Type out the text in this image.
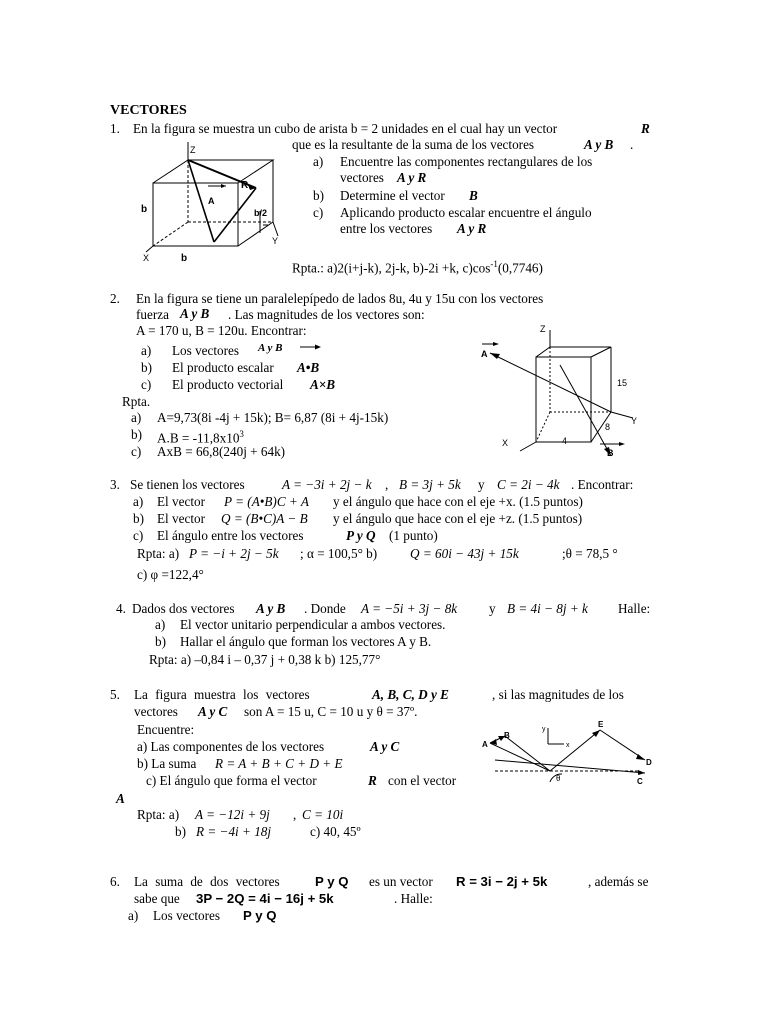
VECTORES
1. En la figura se muestra un cubo de arista b = 2 unidades en el cual hay un vector	R
que es la resultante de la suma de los vectores	A y B .
a) Encuentre las componentes rectangulares de los
vectores A y R
b) Determine el vector B
c) Aplicando producto escalar encuentre el ángulo
entre los vectores A y R
Rpta.: a)2(i+j-k), 2j-k, b)-2i +k, $c)\cos^{-1}(0,7746)$
Z
Y
X
R
A
b
b
b/2
2. En la figura se tiene un paralelepípedo de lados 8u, 4u y 15u con los vectores
fuerza A y B . Las magnitudes de los vectores son:
A = 170 u, B = 120u. Encontrar:
a) Los vectores A y B
b) El producto escalar A•B
c) El producto vectorial A×B
Rpta.
a) A=9,73(8i -4j + 15k); B= 6,87 (8i + 4j-15k)
b) $A.B = -11,8x10^3$
c) AxB = 66,8(240j + 64k)
Z
Y
X
A
B
15
8
4
3. Se tienen los vectores	A = −3i + 2j − k , B = 3j + 5k y C = 2i − 4k . Encontrar:
a) El vector P = (A•B)C + A y el ángulo que hace con el eje +x. (1.5 puntos)
b) El vector Q = (B•C)A − B y el ángulo que hace con el eje +z. (1.5 puntos)
c) El ángulo entre los vectores	P y Q (1 punto)
Rpta: a) P = −i + 2j − 5k ; α = 100,5° b) Q = 60i − 43j + 15k	;θ = 78,5 °
c) φ =122,4°
4. Dados dos vectores A y B . Donde A = −5i + 3j − 8k y B = 4i − 8j + k Halle:
a) El vector unitario perpendicular a ambos vectores.
b) Hallar el ángulo que forman los vectores A y B.
Rpta: a) –0,84 i – 0,37 j + 0,38 k b) 125,77°
5. La figura muestra los vectores	A, B, C, D y E	, si las magnitudes de los
vectores A y C son A = 15 u, C = 10 u y θ = 37º.
Encuentre:
a) Las componentes de los vectores	A y C
b) La suma R = A + B + C + D + E
c) El ángulo que forma el vector	R con el vector
A
Rpta: a) A = −12i + 9j , C = 10i
b) R = −4i + 18j	c) 40, 45º
A
B
C
D
E
x
y
θ
6. La suma de dos vectores	P y Q es un vector R = 3i − 2j + 5k	, además se
sabe que 3P − 2Q = 4i − 16j + 5k	. Halle:
a) Los vectores P y Q
